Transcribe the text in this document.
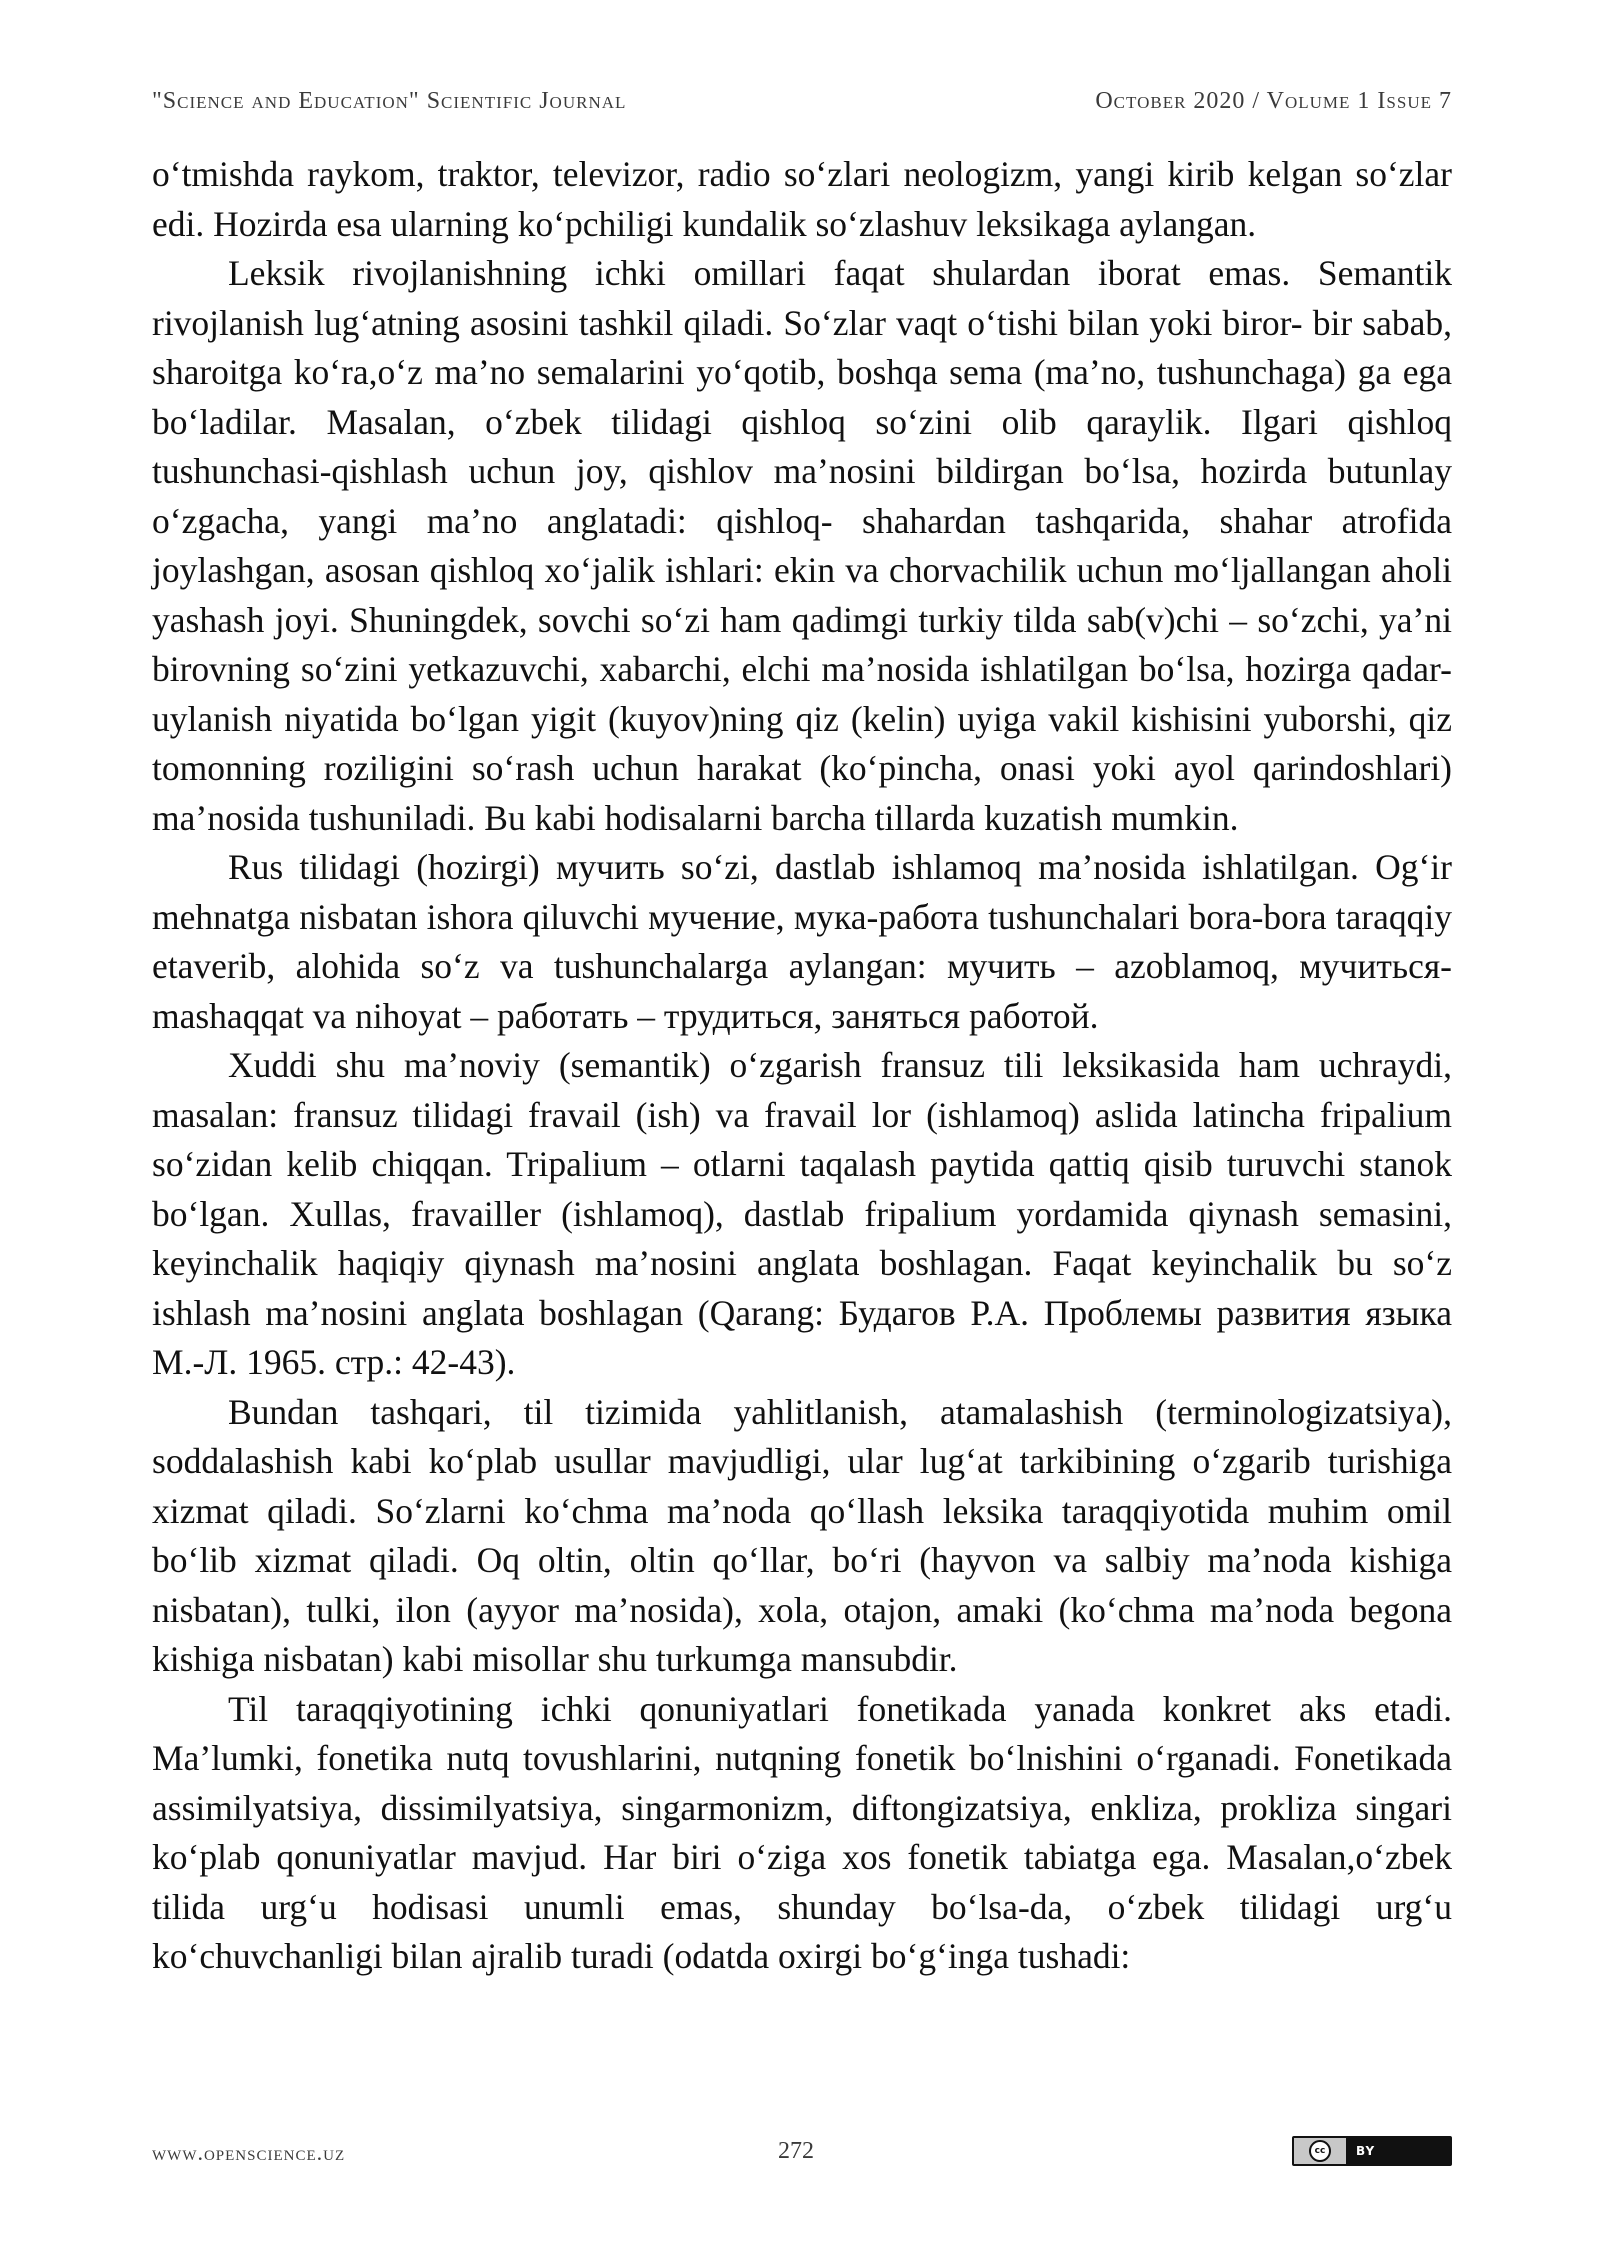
"Science and Education" Scientific Journal	October 2020 / Volume 1 Issue 7

o‘tmishda raykom, traktor, televizor, radio so‘zlari neologizm, yangi kirib kelgan so‘zlar edi. Hozirda esa ularning ko‘pchiligi kundalik so‘zlashuv leksikaga aylangan.

Leksik rivojlanishning ichki omillari faqat shulardan iborat emas. Semantik rivojlanish lug‘atning asosini tashkil qiladi. So‘zlar vaqt o‘tishi bilan yoki biror- bir sabab, sharoitga ko‘ra,o‘z ma’no semalarini yo‘qotib, boshqa sema (ma’no, tushunchaga) ga ega bo‘ladilar. Masalan, o‘zbek tilidagi qishloq so‘zini olib qaraylik. Ilgari qishloq tushunchasi-qishlash uchun joy, qishlov ma’nosini bildirgan bo‘lsa, hozirda butunlay o‘zgacha, yangi ma’no anglatadi: qishloq- shahardan tashqarida, shahar atrofida joylashgan, asosan qishloq xo‘jalik ishlari: ekin va chorvachilik uchun mo‘ljallangan aholi yashash joyi. Shuningdek, sovchi so‘zi ham qadimgi turkiy tilda sab(v)chi – so‘zchi, ya’ni birovning so‘zini yetkazuvchi, xabarchi, elchi ma’nosida ishlatilgan bo‘lsa, hozirga qadar- uylanish niyatida bo‘lgan yigit (kuyov)ning qiz (kelin) uyiga vakil kishisini yuborshi, qiz tomonning roziligini so‘rash uchun harakat (ko‘pincha, onasi yoki ayol qarindoshlari) ma’nosida tushuniladi. Bu kabi hodisalarni barcha tillarda kuzatish mumkin.

Rus tilidagi (hozirgi) мучить so‘zi, dastlab ishlamoq ma’nosida ishlatilgan. Og‘ir mehnatga nisbatan ishora qiluvchi мучение, мука-работа tushunchalari bora-bora taraqqiy etaverib, alohida so‘z va tushunchalarga aylangan: мучить – azoblamoq, мучиться- mashaqqat va nihoyat – работать – трудиться, заняться работой.

Xuddi shu ma’noviy (semantik) o‘zgarish fransuz tili leksikasida ham uchraydi, masalan: fransuz tilidagi fravail (ish) va fravail lor (ishlamoq) aslida latincha fripalium so‘zidan kelib chiqqan. Tripalium – otlarni taqalash paytida qattiq qisib turuvchi stanok bo‘lgan. Xullas, fravailler (ishlamoq), dastlab fripalium yordamida qiynash semasini, keyinchalik haqiqiy qiynash ma’nosini anglata boshlagan. Faqat keyinchalik bu so‘z ishlash ma’nosini anglata boshlagan (Qarang: Будагов Р.А. Проблемы развития языка М.-Л. 1965. стр.: 42-43).

Bundan tashqari, til tizimida yahlitlanish, atamalashish (terminologizatsiya), soddalashish kabi ko‘plab usullar mavjudligi, ular lug‘at tarkibining o‘zgarib turishiga xizmat qiladi. So‘zlarni ko‘chma ma’noda qo‘llash leksika taraqqiyotida muhim omil bo‘lib xizmat qiladi. Oq oltin, oltin qo‘llar, bo‘ri (hayvon va salbiy ma’noda kishiga nisbatan), tulki, ilon (ayyor ma’nosida), xola, otajon, amaki (ko‘chma ma’noda begona kishiga nisbatan) kabi misollar shu turkumga mansubdir.

Til taraqqiyotining ichki qonuniyatlari fonetikada yanada konkret aks etadi. Ma’lumki, fonetika nutq tovushlarini, nutqning fonetik bo‘lnishini o‘rganadi. Fonetikada assimilyatsiya, dissimilyatsiya, singarmonizm, diftongizatsiya, enkliza, prokliza singari ko‘plab qonuniyatlar mavjud. Har biri o‘ziga xos fonetik tabiatga ega. Masalan,o‘zbek tilida urg‘u hodisasi unumli emas, shunday bo‘lsa-da, o‘zbek tilidagi urg‘u ko‘chuvchanligi bilan ajralib turadi (odatda oxirgi bo‘g‘inga tushadi:

www.openscience.uz	272	cc	BY
